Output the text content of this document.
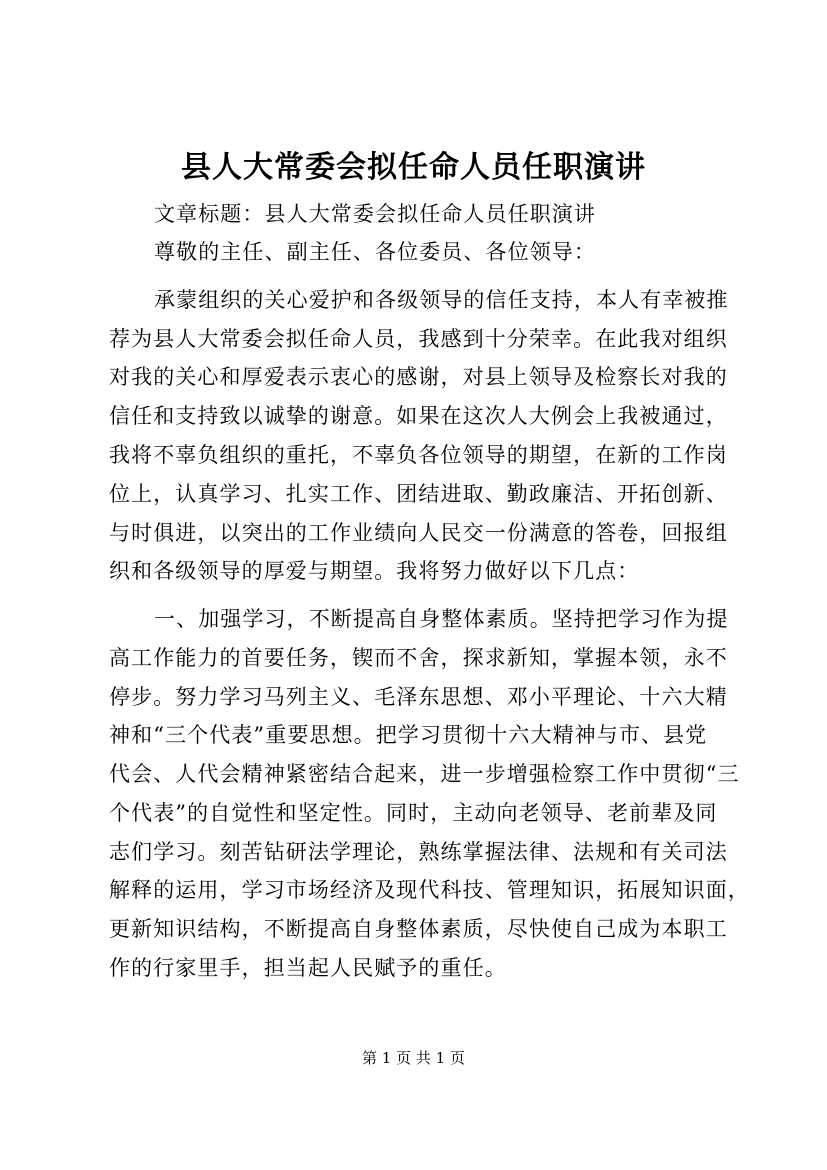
县人大常委会拟任命人员任职演讲
文章标题：县人大常委会拟任命人员任职演讲
尊敬的主任、副主任、各位委员、各位领导：
承蒙组织的关心爱护和各级领导的信任支持，本人有幸被推
荐为县人大常委会拟任命人员，我感到十分荣幸。在此我对组织
对我的关心和厚爱表示衷心的感谢，对县上领导及检察长对我的
信任和支持致以诚挚的谢意。如果在这次人大例会上我被通过，
我将不辜负组织的重托，不辜负各位领导的期望，在新的工作岗
位上，认真学习、扎实工作、团结进取、勤政廉洁、开拓创新、
与时俱进，以突出的工作业绩向人民交一份满意的答卷，回报组
织和各级领导的厚爱与期望。我将努力做好以下几点：
一、加强学习，不断提高自身整体素质。坚持把学习作为提
高工作能力的首要任务，锲而不舍，探求新知，掌握本领，永不
停步。努力学习马列主义、毛泽东思想、邓小平理论、十六大精
神和“三个代表”重要思想。把学习贯彻十六大精神与市、县党
代会、人代会精神紧密结合起来，进一步增强检察工作中贯彻“三
个代表”的自觉性和坚定性。同时，主动向老领导、老前辈及同
志们学习。刻苦钻研法学理论，熟练掌握法律、法规和有关司法
解释的运用，学习市场经济及现代科技、管理知识，拓展知识面，
更新知识结构，不断提高自身整体素质，尽快使自己成为本职工
作的行家里手，担当起人民赋予的重任。
第 1 页 共 1 页
